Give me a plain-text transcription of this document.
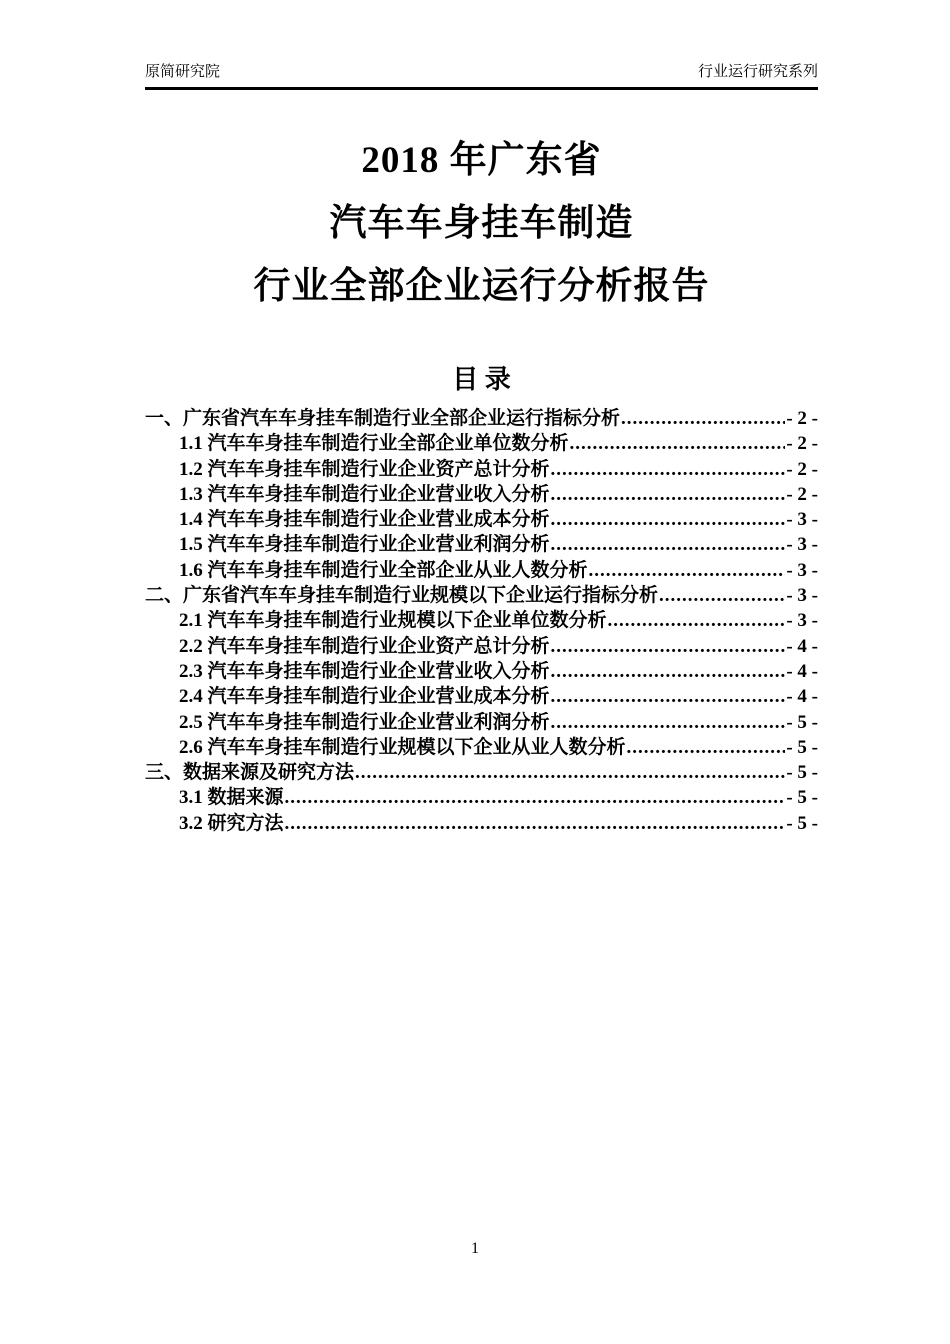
原简研究院	行业运行研究系列
2018 年广东省
汽车车身挂车制造
行业全部企业运行分析报告
目 录
一、广东省汽车车身挂车制造行业全部企业运行指标分析 .....	- 2 -
1.1 汽车车身挂车制造行业全部企业单位数分析 .....	- 2 -
1.2 汽车车身挂车制造行业企业资产总计分析 .....	- 2 -
1.3 汽车车身挂车制造行业企业营业收入分析 .....	- 2 -
1.4 汽车车身挂车制造行业企业营业成本分析 .....	- 3 -
1.5 汽车车身挂车制造行业企业营业利润分析 .....	- 3 -
1.6 汽车车身挂车制造行业全部企业从业人数分析 .....	- 3 -
二、广东省汽车车身挂车制造行业规模以下企业运行指标分析 .....	- 3 -
2.1 汽车车身挂车制造行业规模以下企业单位数分析 .....	- 3 -
2.2 汽车车身挂车制造行业企业资产总计分析 .....	- 4 -
2.3 汽车车身挂车制造行业企业营业收入分析 .....	- 4 -
2.4 汽车车身挂车制造行业企业营业成本分析 .....	- 4 -
2.5 汽车车身挂车制造行业企业营业利润分析 .....	- 5 -
2.6 汽车车身挂车制造行业规模以下企业从业人数分析 .....	- 5 -
三、数据来源及研究方法 .....	- 5 -
3.1 数据来源 .....	- 5 -
3.2 研究方法 .....	- 5 -
1
